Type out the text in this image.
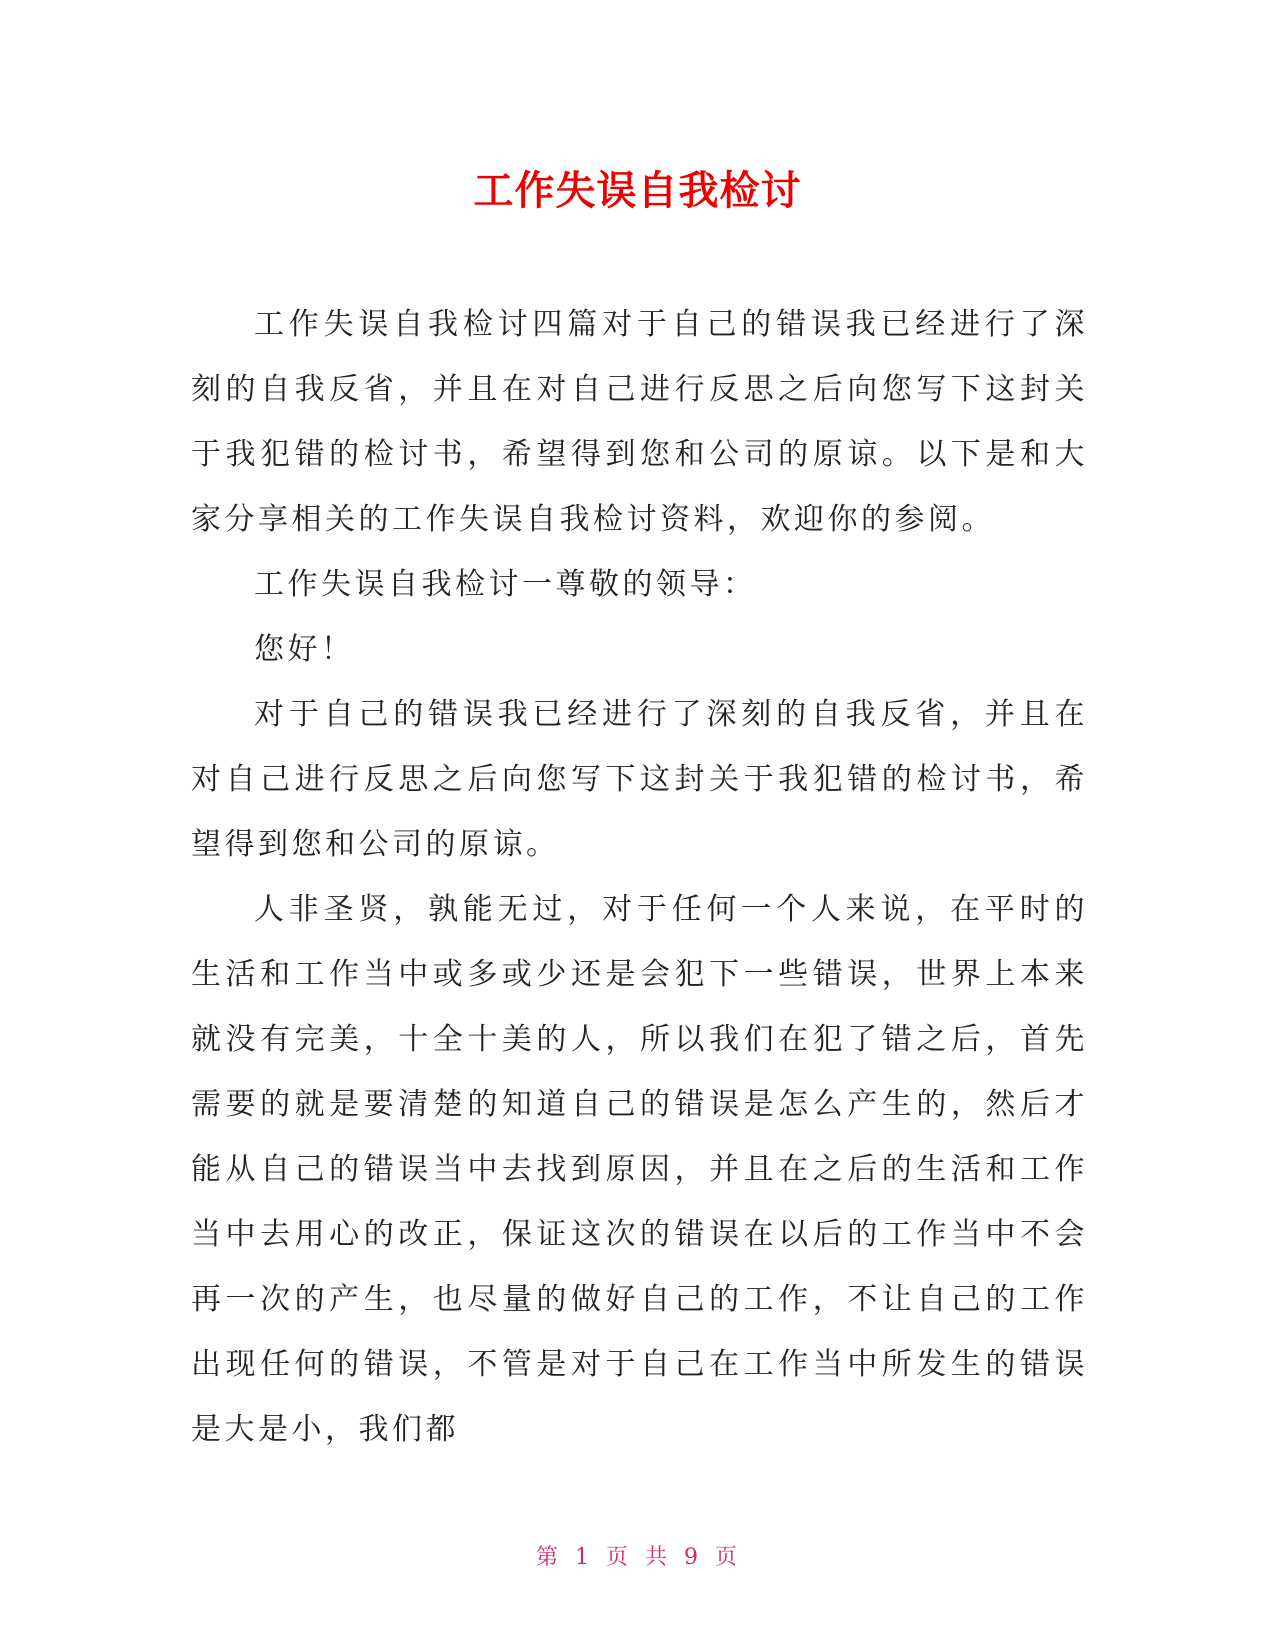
工作失误自我检讨

工作失误自我检讨四篇对于自己的错误我已经进行了深刻的自我反省，并且在对自己进行反思之后向您写下这封关于我犯错的检讨书，希望得到您和公司的原谅。以下是和大家分享相关的工作失误自我检讨资料，欢迎你的参阅。

工作失误自我检讨一尊敬的领导：

您好！

对于自己的错误我已经进行了深刻的自我反省，并且在对自己进行反思之后向您写下这封关于我犯错的检讨书，希望得到您和公司的原谅。

人非圣贤，孰能无过，对于任何一个人来说，在平时的生活和工作当中或多或少还是会犯下一些错误，世界上本来就没有完美，十全十美的人，所以我们在犯了错之后，首先需要的就是要清楚的知道自己的错误是怎么产生的，然后才能从自己的错误当中去找到原因，并且在之后的生活和工作当中去用心的改正，保证这次的错误在以后的工作当中不会再一次的产生，也尽量的做好自己的工作，不让自己的工作出现任何的错误，不管是对于自己在工作当中所发生的错误是大是小，我们都

第 1 页 共 9 页
